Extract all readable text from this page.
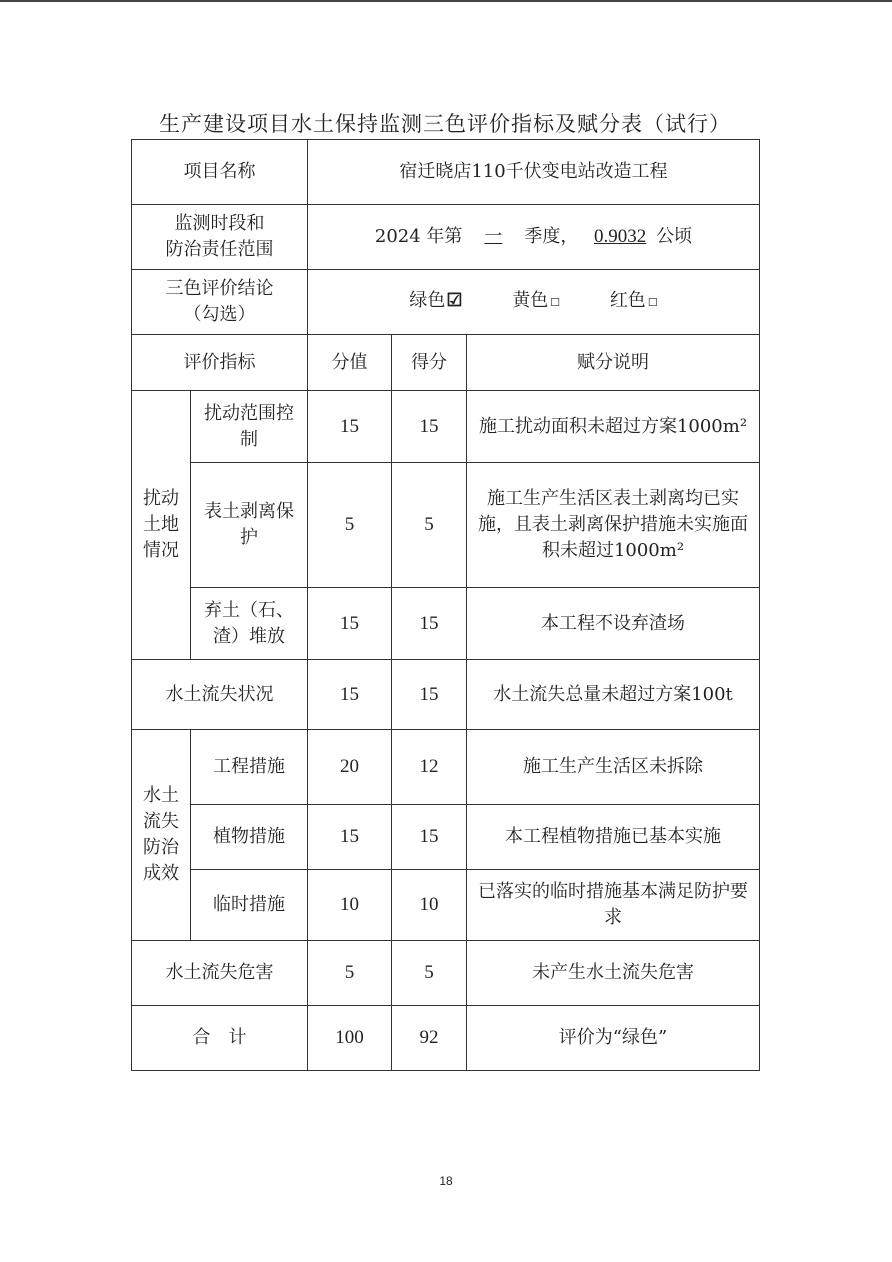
生产建设项目水土保持监测三色评价指标及赋分表（试行）
项目名称		宿迁晓店110千伏变电站改造工程		

监测时段和
防治责任范围		2024 年第 一 季度， 0.9032 公顷		

三色评价结论
（勾选）		绿色☑ 黄色 ☐ 红色 ☐		
评价指标		分值	得分	赋分说明
扰动土地情况	扰动范围控制	15	15	施工扰动面积未超过方案1000m²
	表土剥离保护	5	5	施工生产生活区表土剥离均已实施，且表土剥离保护措施未实施面积未超过1000m²
	弃土（石、渣）堆放	15	15	本工程不设弃渣场
水土流失状况		15	15	水土流失总量未超过方案100t
水土流失防治成效	工程措施	20	12	施工生产生活区未拆除
	植物措施	15	15	本工程植物措施已基本实施
	临时措施	10	10	已落实的临时措施基本满足防护要求
水土流失危害		5	5	未产生水土流失危害
合　计		100	92	评价为“绿色”
18
